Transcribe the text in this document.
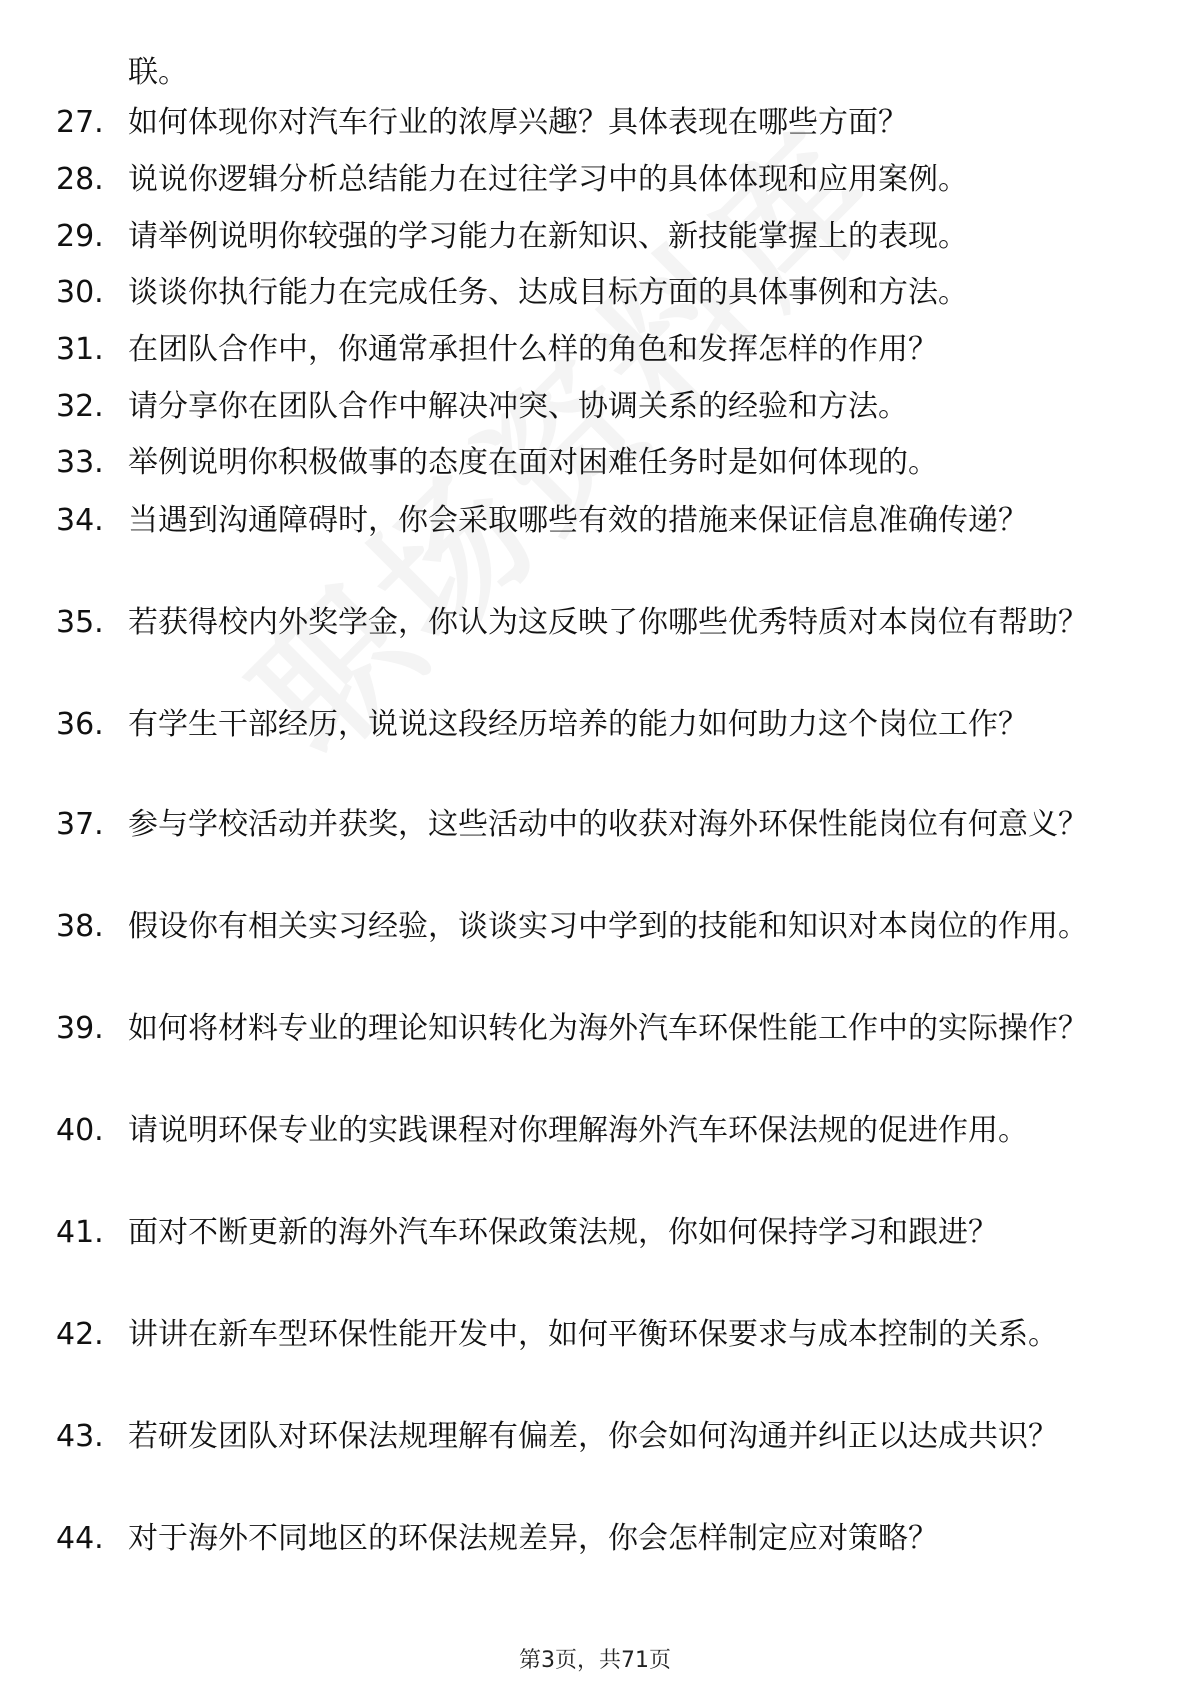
联。
27. 如何体现你对汽车行业的浓厚兴趣？具体表现在哪些方面？

28. 说说你逻辑分析总结能力在过往学习中的具体体现和应用案例。

29. 请举例说明你较强的学习能力在新知识、新技能掌握上的表现。

30. 谈谈你执行能力在完成任务、达成目标方面的具体事例和方法。

31. 在团队合作中，你通常承担什么样的角色和发挥怎样的作用？

32. 请分享你在团队合作中解决冲突、协调关系的经验和方法。

33. 举例说明你积极做事的态度在面对困难任务时是如何体现的。

34. 当遇到沟通障碍时，你会采取哪些有效的措施来保证信息准确传递？

35. 若获得校内外奖学金，你认为这反映了你哪些优秀特质对本岗位有帮助？

36. 有学生干部经历，说说这段经历培养的能力如何助力这个岗位工作？

37. 参与学校活动并获奖，这些活动中的收获对海外环保性能岗位有何意义？

38. 假设你有相关实习经验，谈谈实习中学到的技能和知识对本岗位的作用。

39. 如何将材料专业的理论知识转化为海外汽车环保性能工作中的实际操作？

40. 请说明环保专业的实践课程对你理解海外汽车环保法规的促进作用。

41. 面对不断更新的海外汽车环保政策法规，你如何保持学习和跟进？

42. 讲讲在新车型环保性能开发中，如何平衡环保要求与成本控制的关系。

43. 若研发团队对环保法规理解有偏差，你会如何沟通并纠正以达成共识？

44. 对于海外不同地区的环保法规差异，你会怎样制定应对策略？

第3页，共71页
